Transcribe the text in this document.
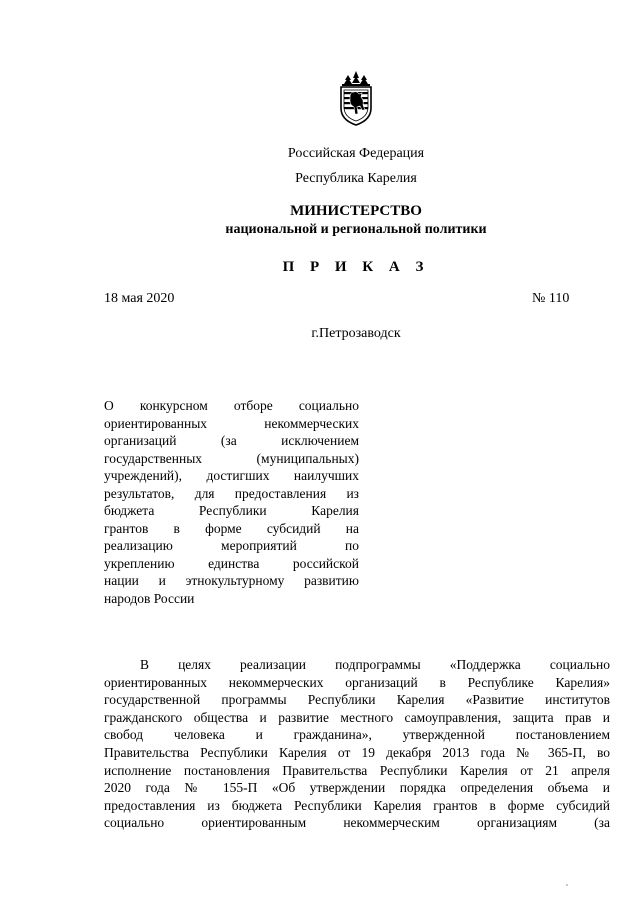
Российская Федерация
Республика Карелия
МИНИСТЕРСТВО
национальной и региональной политики
П Р И К А З
18 мая 2020	№ 110
г.Петрозаводск
О конкурсном отборе социально
ориентированных некоммерческих
организаций (за исключением
государственных (муниципальных)
учреждений), достигших наилучших
результатов, для предоставления из
бюджета Республики Карелия
грантов в форме субсидий на
реализацию мероприятий по
укреплению единства российской
нации и этнокультурному развитию
народов России
В целях реализации подпрограммы «Поддержка социально
ориентированных некоммерческих организаций в Республике Карелия»
государственной программы Республики Карелия «Развитие институтов
гражданского общества и развитие местного самоуправления, защита прав и
свобод человека и гражданина», утвержденной постановлением
Правительства Республики Карелия от 19 декабря 2013 года № 365-П, во
исполнение постановления Правительства Республики Карелия от 21 апреля
2020 года № 155-П «Об утверждении порядка определения объема и
предоставления из бюджета Республики Карелия грантов в форме субсидий
социально ориентированным некоммерческим организациям (за
